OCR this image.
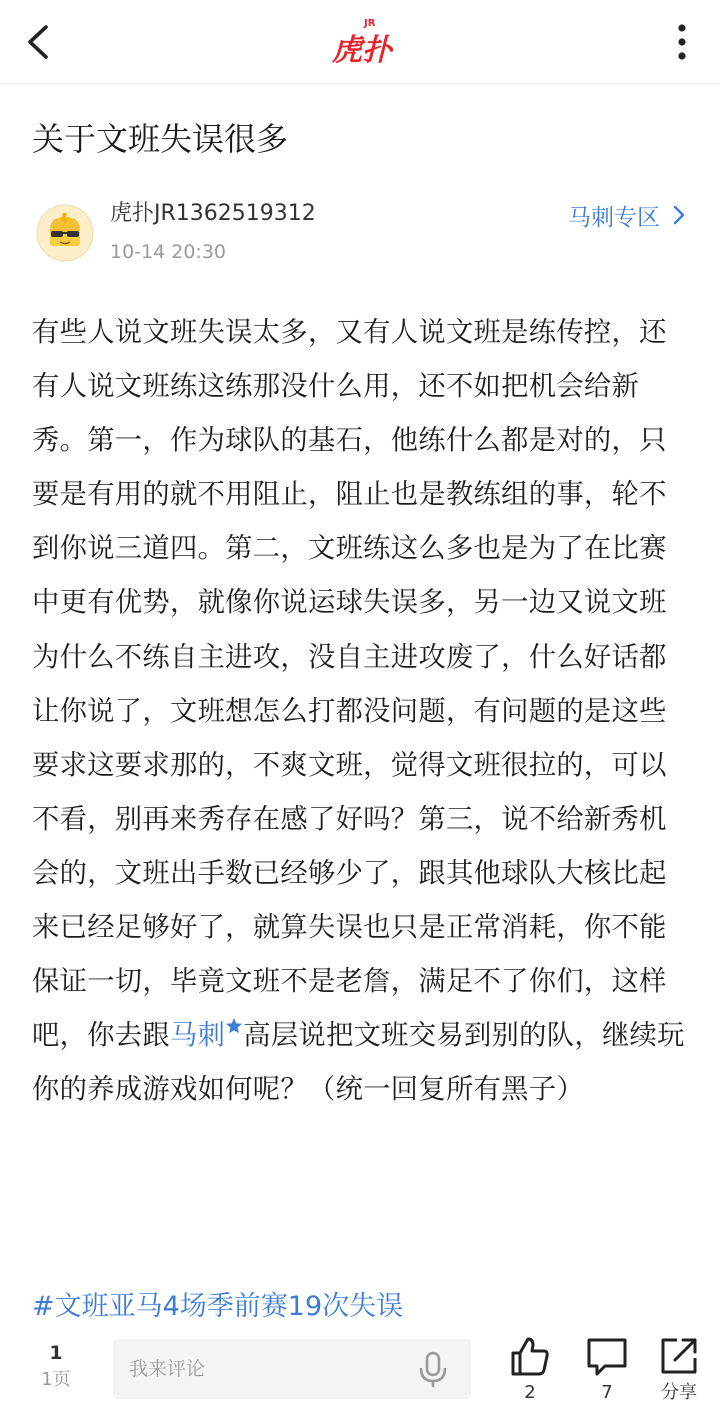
虎扑
JR
关于文班失误很多
虎扑JR1362519312
10-14 20:30
马刺专区
有些人说文班失误太多，又有人说文班是练传控，还有人说文班练这练那没什么用，还不如把机会给新秀。第一，作为球队的基石，他练什么都是对的，只要是有用的就不用阻止，阻止也是教练组的事，轮不到你说三道四。第二，文班练这么多也是为了在比赛中更有优势，就像你说运球失误多，另一边又说文班为什么不练自主进攻，没自主进攻废了，什么好话都让你说了，文班想怎么打都没问题，有问题的是这些要求这要求那的，不爽文班，觉得文班很拉的，可以不看，别再来秀存在感了好吗？第三，说不给新秀机会的，文班出手数已经够少了，跟其他球队大核比起来已经足够好了，就算失误也只是正常消耗，你不能保证一切，毕竟文班不是老詹，满足不了你们，这样吧，你去跟马刺 高层说把文班交易到别的队，继续玩你的养成游戏如何呢？（统一回复所有黑子）
#文班亚马4场季前赛19次失误
1
1页	我来评论
2	7	分享
